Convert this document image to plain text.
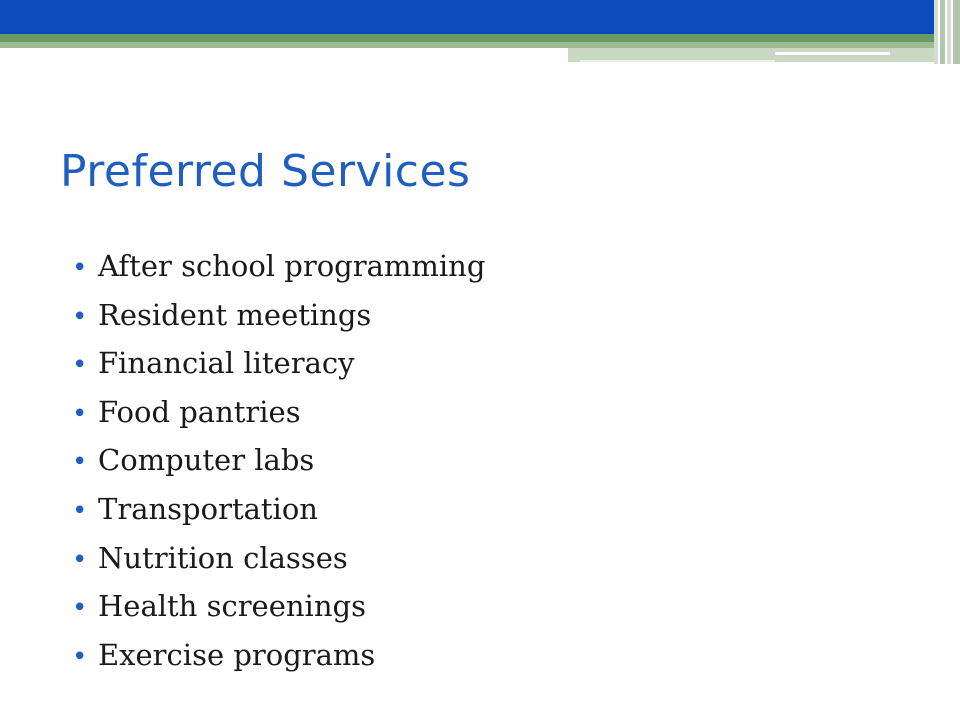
Preferred Services
• After school programming
• Resident meetings
• Financial literacy
• Food pantries
• Computer labs
• Transportation
• Nutrition classes
• Health screenings
• Exercise programs
